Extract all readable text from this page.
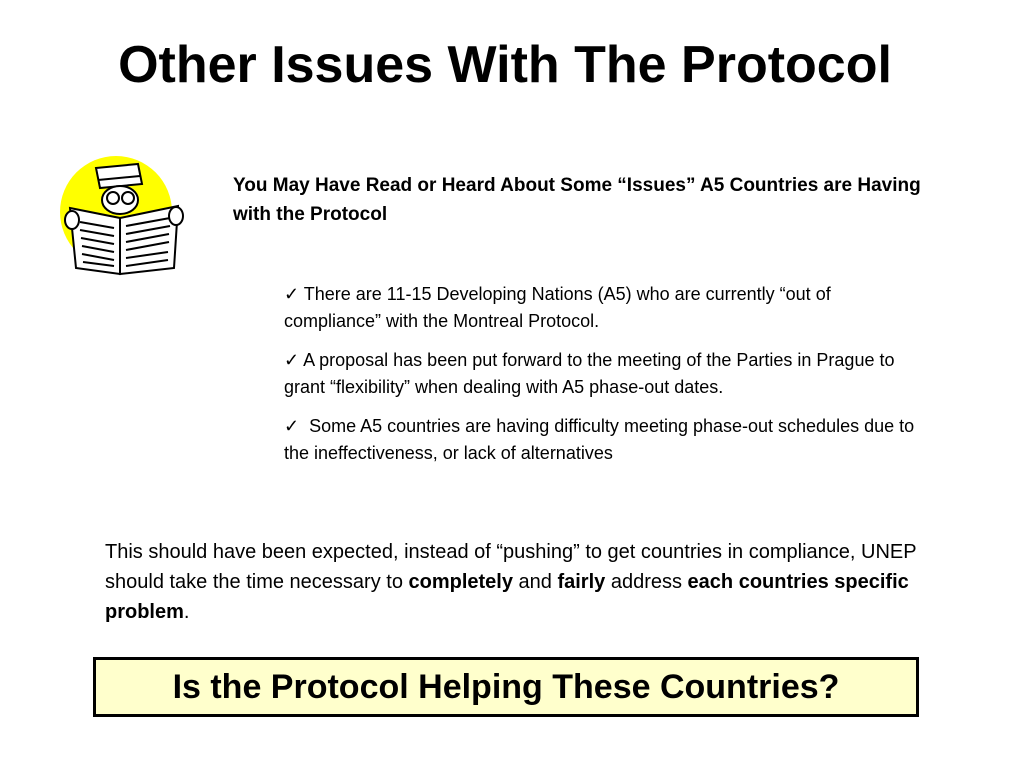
Other Issues With The Protocol
You May Have Read or Heard About Some “Issues” A5 Countries are Having with the Protocol
✓ There are 11-15 Developing Nations (A5) who are currently “out of compliance” with the Montreal Protocol.
✓ A proposal has been put forward to the meeting of the Parties in Prague to grant “flexibility” when dealing with A5 phase-out dates.
✓  Some A5 countries are having difficulty meeting phase-out schedules due to the ineffectiveness, or lack of alternatives
This should have been expected, instead of “pushing” to get countries in compliance, UNEP should take the time necessary to completely and fairly address each countries specific problem.
Is the Protocol Helping These Countries?
